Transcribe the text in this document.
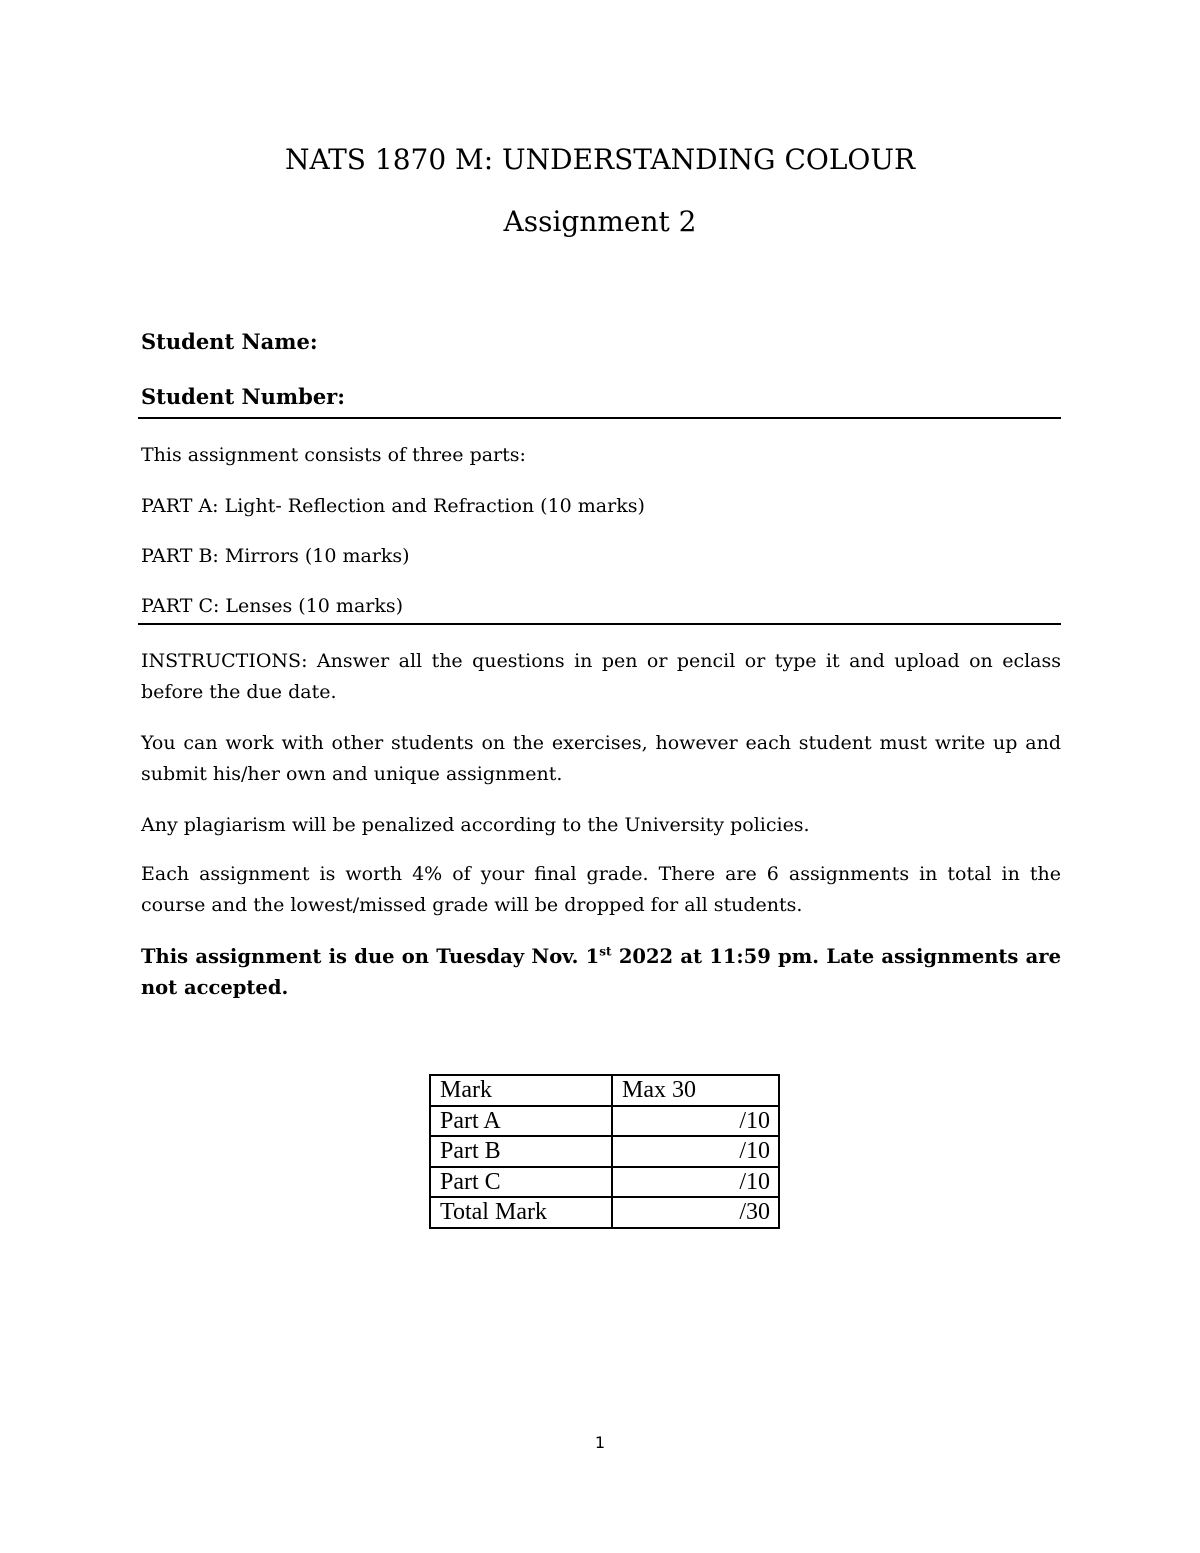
NATS 1870 M: UNDERSTANDING COLOUR
Assignment 2
Student Name:
Student Number:
This assignment consists of three parts:
PART A: Light- Reflection and Refraction (10 marks)
PART B: Mirrors (10 marks)
PART C: Lenses (10 marks)
INSTRUCTIONS: Answer all the questions in pen or pencil or type it and upload on eclass before the due date.
You can work with other students on the exercises, however each student must write up and submit his/her own and unique assignment.
Any plagiarism will be penalized according to the University policies.
Each assignment is worth 4% of your final grade. There are 6 assignments in total in the course and the lowest/missed grade will be dropped for all students.
This assignment is due on Tuesday Nov. 1st 2022 at 11:59 pm. Late assignments are not accepted.
Mark	Max 30
Part A	/10
Part B	/10
Part C	/10
Total Mark	/30
1
